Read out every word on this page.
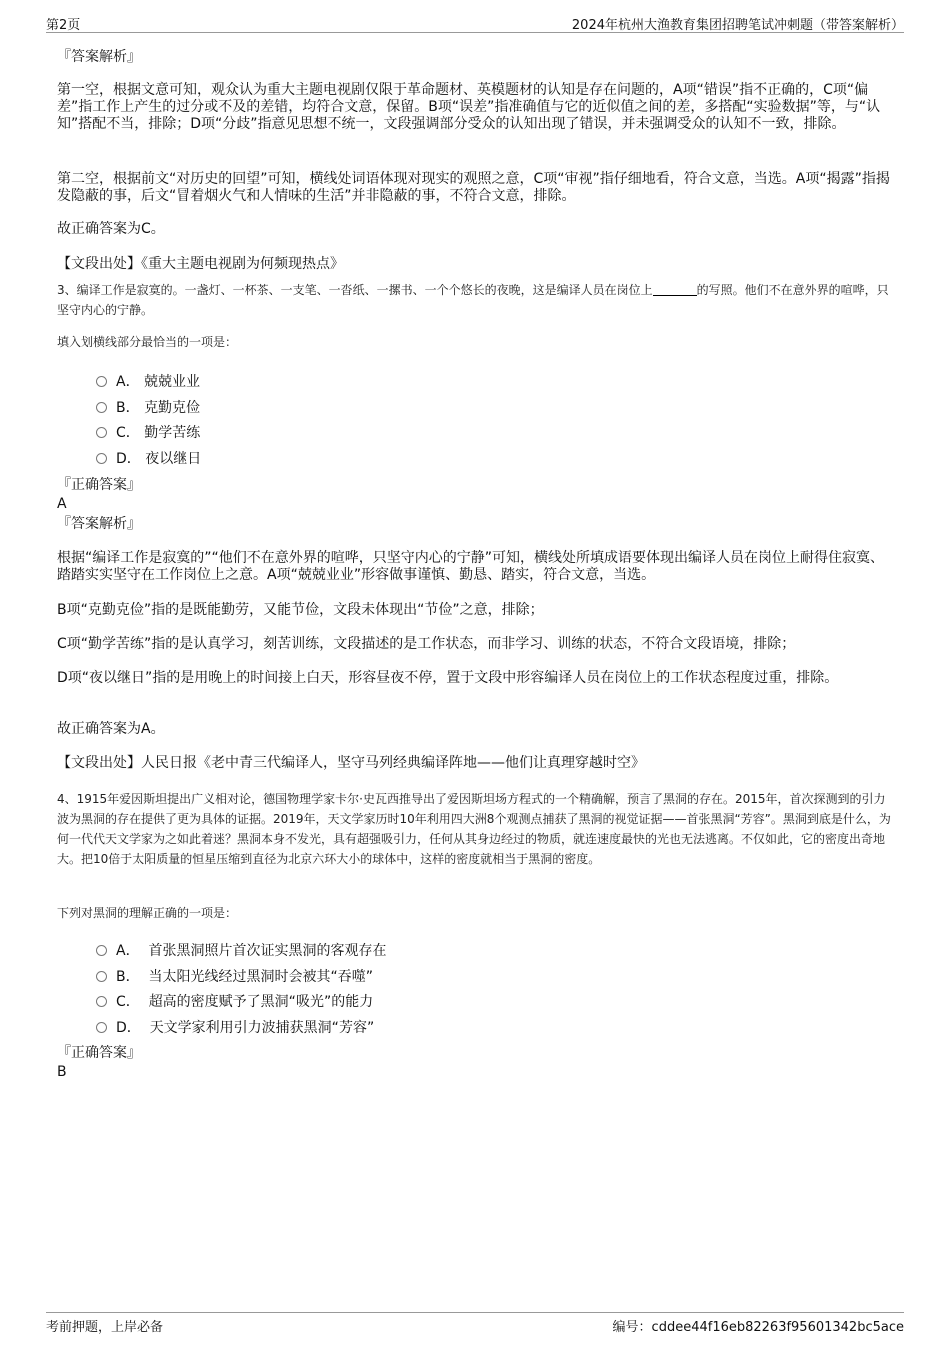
第2页	2024年杭州大渔教育集团招聘笔试冲刺题（带答案解析）

『答案解析』

第一空，根据文意可知，观众认为重大主题电视剧仅限于革命题材、英模题材的认知是存在问题的，A项“错误”指不正确的，C项“偏差”指工作上产生的过分或不及的差错，均符合文意，保留。B项“误差”指准确值与它的近似值之间的差，多搭配“实验数据”等，与“认知”搭配不当，排除；D项“分歧”指意见思想不统一，文段强调部分受众的认知出现了错误，并未强调受众的认知不一致，排除。

第二空，根据前文“对历史的回望”可知，横线处词语体现对现实的观照之意，C项“审视”指仔细地看，符合文意，当选。A项“揭露”指揭发隐蔽的事，后文“冒着烟火气和人情味的生活”并非隐蔽的事，不符合文意，排除。

故正确答案为C。

【文段出处】《重大主题电视剧为何频现热点》

3、编译工作是寂寞的。一盏灯、一杯茶、一支笔、一沓纸、一摞书、一个个悠长的夜晚，这是编译人员在岗位上	的写照。他们不在意外界的喧哗，只坚守内心的宁静。

填入划横线部分最恰当的一项是：

A． 兢兢业业
B． 克勤克俭
C． 勤学苦练
D． 夜以继日

『正确答案』

A

『答案解析』

根据“编译工作是寂寞的”“他们不在意外界的喧哗，只坚守内心的宁静”可知，横线处所填成语要体现出编译人员在岗位上耐得住寂寞、踏踏实实坚守在工作岗位上之意。A项“兢兢业业”形容做事谨慎、勤恳、踏实，符合文意，当选。

B项“克勤克俭”指的是既能勤劳，又能节俭，文段未体现出“节俭”之意，排除；

C项“勤学苦练”指的是认真学习，刻苦训练，文段描述的是工作状态，而非学习、训练的状态，不符合文段语境，排除；

D项“夜以继日”指的是用晚上的时间接上白天，形容昼夜不停，置于文段中形容编译人员在岗位上的工作状态程度过重，排除。

故正确答案为A。

【文段出处】人民日报《老中青三代编译人，坚守马列经典编译阵地——他们让真理穿越时空》

4、1915年爱因斯坦提出广义相对论，德国物理学家卡尔·史瓦西推导出了爱因斯坦场方程式的一个精确解，预言了黑洞的存在。2015年，首次探测到的引力波为黑洞的存在提供了更为具体的证据。2019年，天文学家历时10年利用四大洲8个观测点捕获了黑洞的视觉证据——首张黑洞“芳容”。黑洞到底是什么，为何一代代天文学家为之如此着迷？黑洞本身不发光，具有超强吸引力，任何从其身边经过的物质，就连速度最快的光也无法逃离。不仅如此，它的密度出奇地大。把10倍于太阳质量的恒星压缩到直径为北京六环大小的球体中，这样的密度就相当于黑洞的密度。

下列对黑洞的理解正确的一项是：

A． 首张黑洞照片首次证实黑洞的客观存在
B． 当太阳光线经过黑洞时会被其“吞噬”
C． 超高的密度赋予了黑洞“吸光”的能力
D． 天文学家利用引力波捕获黑洞“芳容”

『正确答案』

B

考前押题，上岸必备	编号：cddee44f16eb82263f95601342bc5ace
